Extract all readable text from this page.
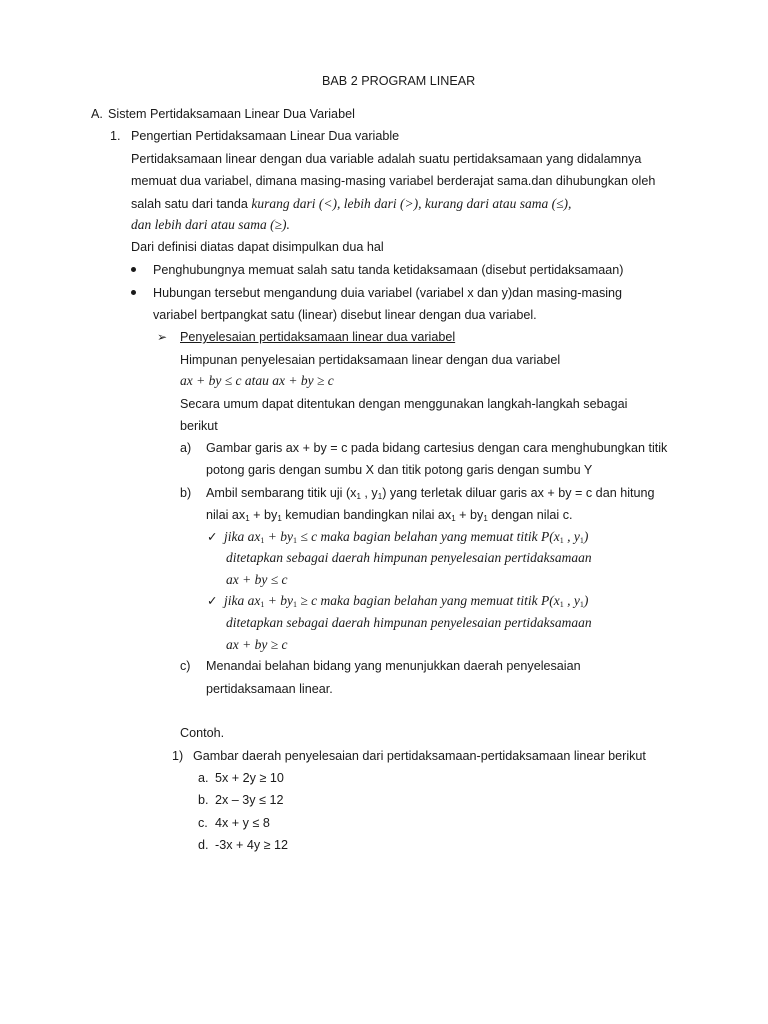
BAB 2 PROGRAM LINEAR
A. Sistem Pertidaksamaan Linear Dua Variabel
1. Pengertian Pertidaksamaan Linear Dua variable
Pertidaksamaan linear dengan dua variable adalah suatu pertidaksamaan yang didalamnya
memuat dua variabel, dimana masing-masing variabel berderajat sama.dan dihubungkan oleh
salah satu dari tanda kurang dari (<), lebih dari (>), kurang dari atau sama (≤),
dan lebih dari atau sama (≥).
Dari definisi diatas dapat disimpulkan dua hal
Penghubungnya memuat salah satu tanda ketidaksamaan (disebut pertidaksamaan)
Hubungan tersebut mengandung duia variabel (variabel x dan y)dan masing-masing
variabel bertpangkat satu (linear) disebut linear dengan dua variabel.
➢ Penyelesaian pertidaksamaan linear dua variabel
Himpunan penyelesaian pertidaksamaan linear dengan dua variabel
ax + by ≤ c atau ax + by ≥ c
Secara umum dapat ditentukan dengan menggunakan langkah-langkah sebagai
berikut
a) Gambar garis ax + by = c pada bidang cartesius dengan cara menghubungkan titik
potong garis dengan sumbu X dan titik potong garis dengan sumbu Y
b) Ambil sembarang titik uji ($x_1$ , $y_1$) yang terletak diluar garis ax + by = c dan hitung
nilai $ax_1 + by_1$ kemudian bandingkan nilai $ax_1 + by_1$ dengan nilai c.
✓ jika $ax_1 + by_1 \le c$ maka bagian belahan yang memuat titik $P(x_1$ , $y_1$)
ditetapkan sebagai daerah himpunan penyelesaian pertidaksamaan
ax + by ≤ c
✓ jika $ax_1 + by_1 \ge c$ maka bagian belahan yang memuat titik $P(x_1$ , $y_1$)
ditetapkan sebagai daerah himpunan penyelesaian pertidaksamaan
ax + by ≥ c
c) Menandai belahan bidang yang menunjukkan daerah penyelesaian
pertidaksamaan linear.
Contoh.
1) Gambar daerah penyelesaian dari pertidaksamaan-pertidaksamaan linear berikut
a. 5x + 2y ≥ 10
b. 2x – 3y ≤ 12
c. 4x + y ≤ 8
d. -3x + 4y ≥ 12
